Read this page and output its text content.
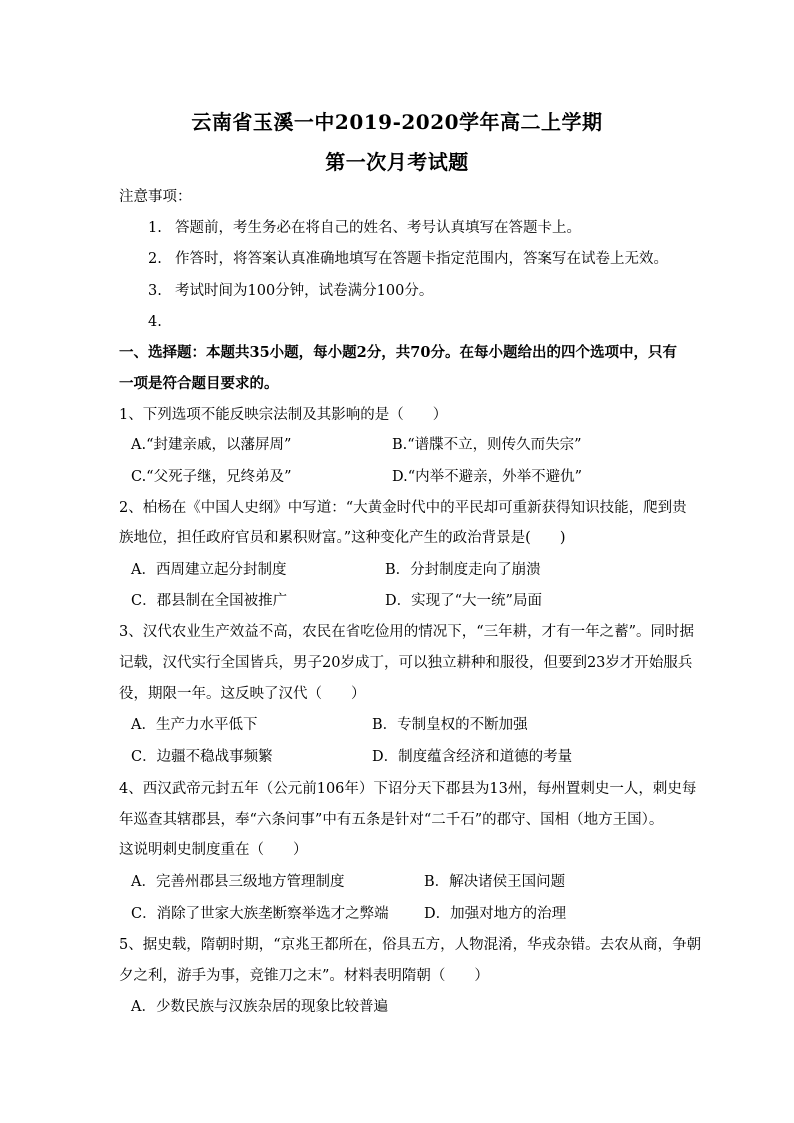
云南省玉溪一中2019-2020学年高二上学期
第一次月考试题
注意事项：
1. 答题前，考生务必在将自己的姓名、考号认真填写在答题卡上。
2. 作答时，将答案认真准确地填写在答题卡指定范围内，答案写在试卷上无效。
3. 考试时间为100分钟，试卷满分100分。
4.
一、选择题：本题共35小题，每小题2分，共70分。在每小题给出的四个选项中，只有
一项是符合题目要求的。
1、下列选项不能反映宗法制及其影响的是（　　）
A.“封建亲戚，以藩屏周”	B.“谱牒不立，则传久而失宗”
C.“父死子继，兄终弟及”	D.“内举不避亲，外举不避仇”
2、柏杨在《中国人史纲》中写道：“大黄金时代中的平民却可重新获得知识技能，爬到贵
族地位，担任政府官员和累积财富。”这种变化产生的政治背景是(　　)
A．西周建立起分封制度	B．分封制度走向了崩溃
C．郡县制在全国被推广	D．实现了“大一统”局面
3、汉代农业生产效益不高，农民在省吃俭用的情况下，“三年耕，才有一年之蓄”。同时据
记载，汉代实行全国皆兵，男子20岁成丁，可以独立耕种和服役，但要到23岁才开始服兵
役，期限一年。这反映了汉代（　　）
A．生产力水平低下	B．专制皇权的不断加强
C．边疆不稳战事频繁	D．制度蕴含经济和道德的考量
4、西汉武帝元封五年（公元前106年）下诏分天下郡县为13州，每州置刺史一人，刺史每
年巡查其辖郡县，奉“六条问事”中有五条是针对“二千石”的郡守、国相（地方王国）。
这说明刺史制度重在（　　）
A．完善州郡县三级地方管理制度	B．解决诸侯王国问题
C．消除了世家大族垄断察举选才之弊端 D．加强对地方的治理
5、据史载，隋朝时期，“京兆王都所在，俗具五方，人物混淆，华戎杂错。去农从商，争朝
夕之利，游手为事，竞锥刀之末”。材料表明隋朝（　　）
A．少数民族与汉族杂居的现象比较普遍
